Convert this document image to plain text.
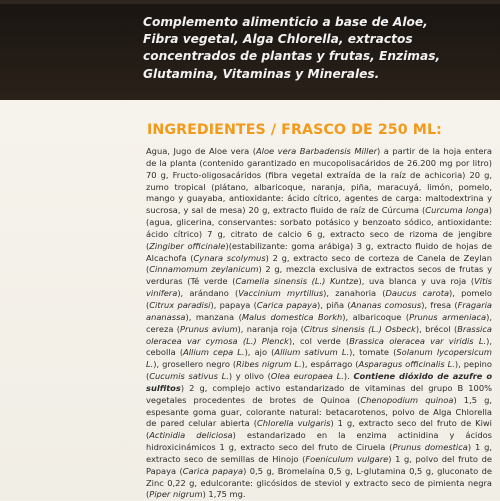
Complemento alimenticio a base de Aloe,
Fibra vegetal, Alga Chlorella, extractos
concentrados de plantas y frutas, Enzimas,
Glutamina, Vitaminas y Minerales.

INGREDIENTES / FRASCO DE 250 ML:

Agua, Jugo de Aloe vera (Aloe vera Barbadensis Miller) a partir de la hoja entera de la planta (contenido garantizado en mucopolisacáridos de 26.200 mg por litro) 70 g, Fructo-oligosacáridos (fibra vegetal extraída de la raíz de achicoria) 20 g, zumo tropical (plátano, albaricoque, naranja, piña, maracuyá, limón, pomelo, mango y guayaba, antioxidante: ácido cítrico, agentes de carga: maltodextrina y sucrosa, y sal de mesa) 20 g, extracto fluido de raíz de Cúrcuma (Curcuma longa)(agua, glicerina, conservantes: sorbato potásico y benzoato sódico, antioxidante: ácido cítrico) 7 g, citrato de calcio 6 g, extracto seco de rizoma de jengibre (Zingiber officinale)(estabilizante: goma arábiga) 3 g, extracto fluido de hojas de Alcachofa (Cynara scolymus) 2 g, extracto seco de corteza de Canela de Zeylan (Cinnamomum zeylanicum) 2 g, mezcla exclusiva de extractos secos de frutas y verduras (Té verde (Camelia sinensis (L.) Kuntze), uva blanca y uva roja (Vitis vinifera), arándano (Vaccinium myrtillus), zanahoria (Daucus carota), pomelo (Citrux paradisi), papaya (Carica papaya), piña (Ananas comosus), fresa (Fragaria ananassa), manzana (Malus domestica Borkh), albaricoque (Prunus armeniaca), cereza (Prunus avium), naranja roja (Citrus sinensis (L.) Osbeck), brécol (Brassica oleracea var cymosa (L.) Plenck), col verde (Brassica oleracea var viridis L.), cebolla (Allium cepa L.), ajo (Allium sativum L.), tomate (Solanum lycopersicum L.), grosellero negro (Ribes nigrum L.), espárrago (Asparagus officinalis L.), pepino (Cucumis sativus L.) y olivo (Olea europaea L.). Contiene dióxido de azufre o sulfitos) 2 g, complejo activo estandarizado de vitaminas del grupo B 100% vegetales procedentes de brotes de Quinoa (Chenopodium quinoa) 1,5 g, espesante goma guar, colorante natural: betacarotenos, polvo de Alga Chlorella de pared celular abierta (Chlorella vulgaris) 1 g, extracto seco del fruto de Kiwi (Actinidia deliciosa) estandarizado en la enzima actinidina y ácidos hidroxicinámicos 1 g, extracto seco del fruto de Ciruela (Prunus domestica) 1 g, extracto seco de semillas de Hinojo (Foeniculum vulgare) 1 g, polvo del fruto de Papaya (Carica papaya) 0,5 g, Bromelaína 0,5 g, L-glutamina 0,5 g, gluconato de Zinc 0,22 g, edulcorante: glicósidos de steviol y extracto seco de pimienta negra (Piper nigrum) 1,75 mg.
